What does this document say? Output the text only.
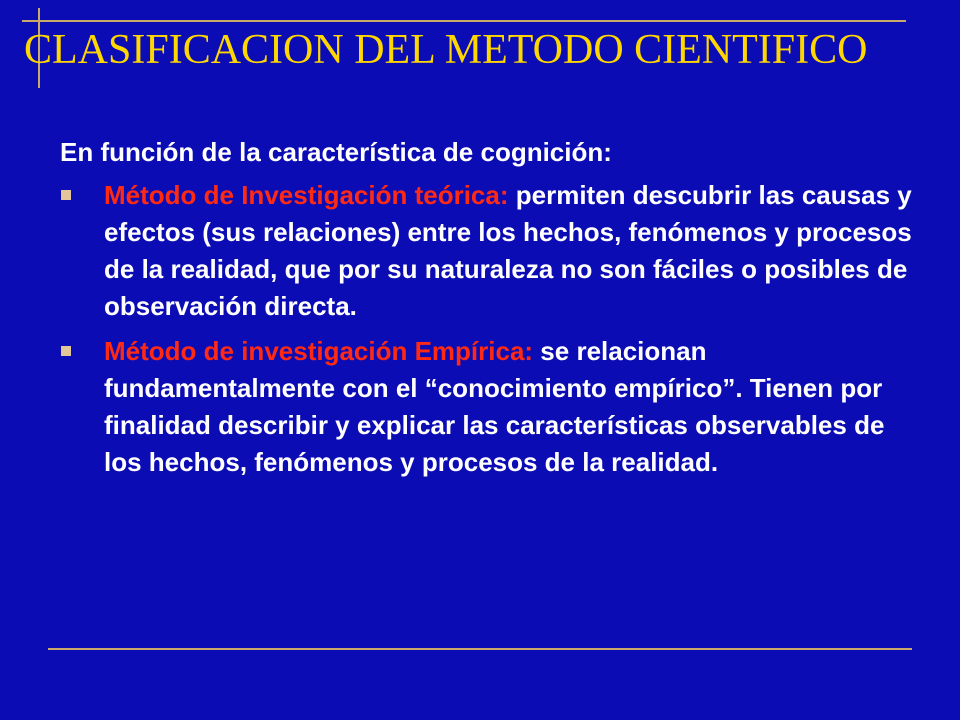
CLASIFICACION DEL METODO CIENTIFICO

En función de la característica de cognición:

Método de Investigación teórica: permiten descubrir las causas y efectos (sus relaciones) entre los hechos, fenómenos y procesos de la realidad, que por su naturaleza no son fáciles o posibles de observación directa.
Método de investigación Empírica: se relacionan fundamentalmente con el “conocimiento empírico”. Tienen por finalidad describir y explicar las características observables de los hechos, fenómenos y procesos de la realidad.
